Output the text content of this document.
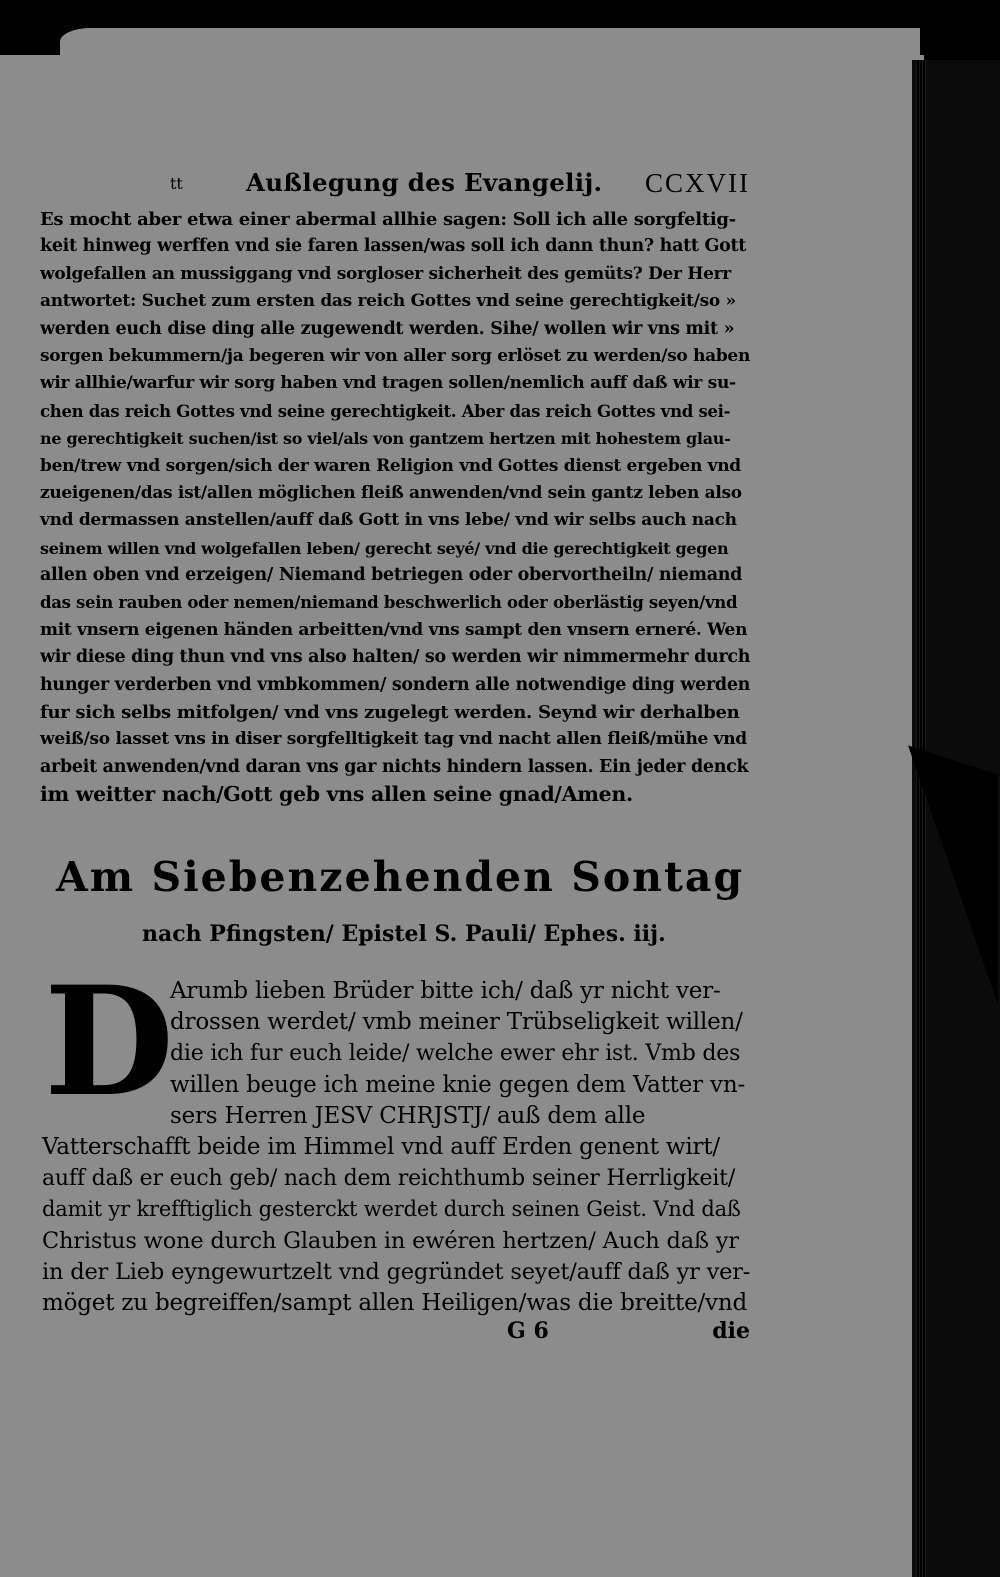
tt	Außlegung des Evangelij. CCXVII
Es mocht aber etwa einer abermal allhie sagen: Soll ich alle sorgfeltig-
keit hinweg werffen vnd sie faren lassen/was soll ich dann thun? hatt Gott
wolgefallen an mussiggang vnd sorgloser sicherheit des gemüts? Der Herr
antwortet: Suchet zum ersten das reich Gottes vnd seine gerechtigkeit/so »
werden euch dise ding alle zugewendt werden. Sihe/ wollen wir vns mit »
sorgen bekummern/ja begeren wir von aller sorg erlöset zu werden/so haben
wir allhie/warfur wir sorg haben vnd tragen sollen/nemlich auff daß wir su-
chen das reich Gottes vnd seine gerechtigkeit. Aber das reich Gottes vnd sei-
ne gerechtigkeit suchen/ist so viel/als von gantzem hertzen mit hohestem glau-
ben/trew vnd sorgen/sich der waren Religion vnd Gottes dienst ergeben vnd
zueigenen/das ist/allen möglichen fleiß anwenden/vnd sein gantz leben also
vnd dermassen anstellen/auff daß Gott in vns lebe/ vnd wir selbs auch nach
seinem willen vnd wolgefallen leben/ gerecht seyé/ vnd die gerechtigkeit gegen
allen oben vnd erzeigen/ Niemand betriegen oder obervortheiln/ niemand
das sein rauben oder nemen/niemand beschwerlich oder oberlästig seyen/vnd
mit vnsern eigenen händen arbeitten/vnd vns sampt den vnsern erneré. Wen
wir diese ding thun vnd vns also halten/ so werden wir nimmermehr durch
hunger verderben vnd vmbkommen/ sondern alle notwendige ding werden
fur sich selbs mitfolgen/ vnd vns zugelegt werden. Seynd wir derhalben
weiß/so lasset vns in diser sorgfelltigkeit tag vnd nacht allen fleiß/mühe vnd
arbeit anwenden/vnd daran vns gar nichts hindern lassen. Ein jeder denck
im weitter nach/Gott geb vns allen seine gnad/Amen.
Am Siebenzehenden Sontag
nach Pfingsten/ Epistel S. Pauli/ Ephes. iij.
D
Arumb lieben Brüder bitte ich/ daß yr nicht ver-
drossen werdet/ vmb meiner Trübseligkeit willen/
die ich fur euch leide/ welche ewer ehr ist. Vmb des
willen beuge ich meine knie gegen dem Vatter vn-
sers Herren JESV CHRJSTJ/ auß dem alle
Vatterschafft beide im Himmel vnd auff Erden genent wirt/
auff daß er euch geb/ nach dem reichthumb seiner Herrligkeit/
damit yr krefftiglich gesterckt werdet durch seinen Geist. Vnd daß
Christus wone durch Glauben in ewéren hertzen/ Auch daß yr
in der Lieb eyngewurtzelt vnd gegründet seyet/auff daß yr ver-
möget zu begreiffen/sampt allen Heiligen/was die breitte/vnd
G 6	die
